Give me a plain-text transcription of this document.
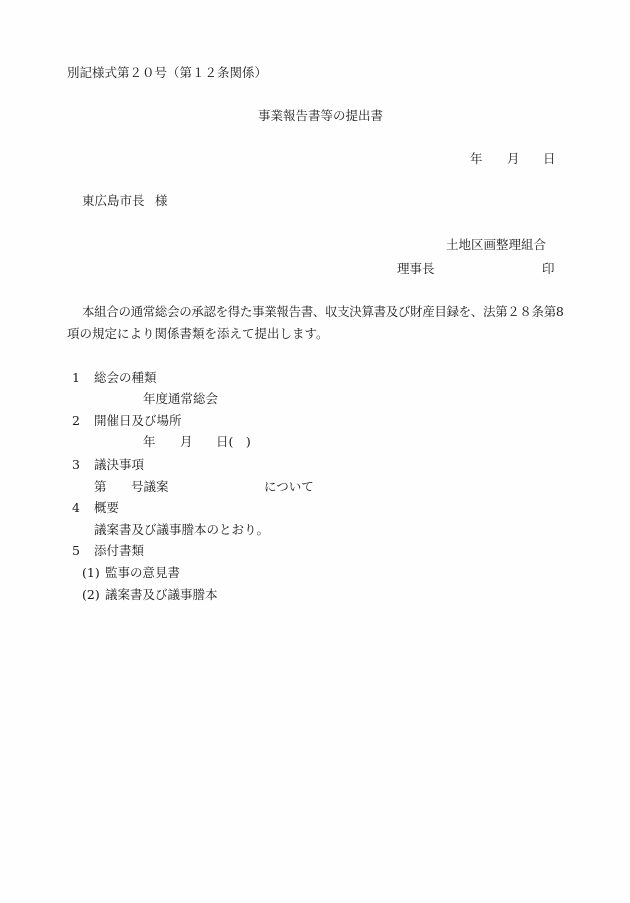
別記様式第２０号（第１２条関係）
事業報告書等の提出書
年 月 日
東広島市長 様
土地区画整理組合
理事長	印
本組合の通常総会の承認を得た事業報告書、収支決算書及び財産目録を、法第２８条第8
項の規定により関係書類を添えて提出します。
1 総会の種類
年度通常総会
2 開催日及び場所
年 月 日(　)
3 議決事項
第 号議案	について
4 概要
議案書及び議事謄本のとおり。
5 添付書類
(1) 監事の意見書
(2) 議案書及び議事謄本
